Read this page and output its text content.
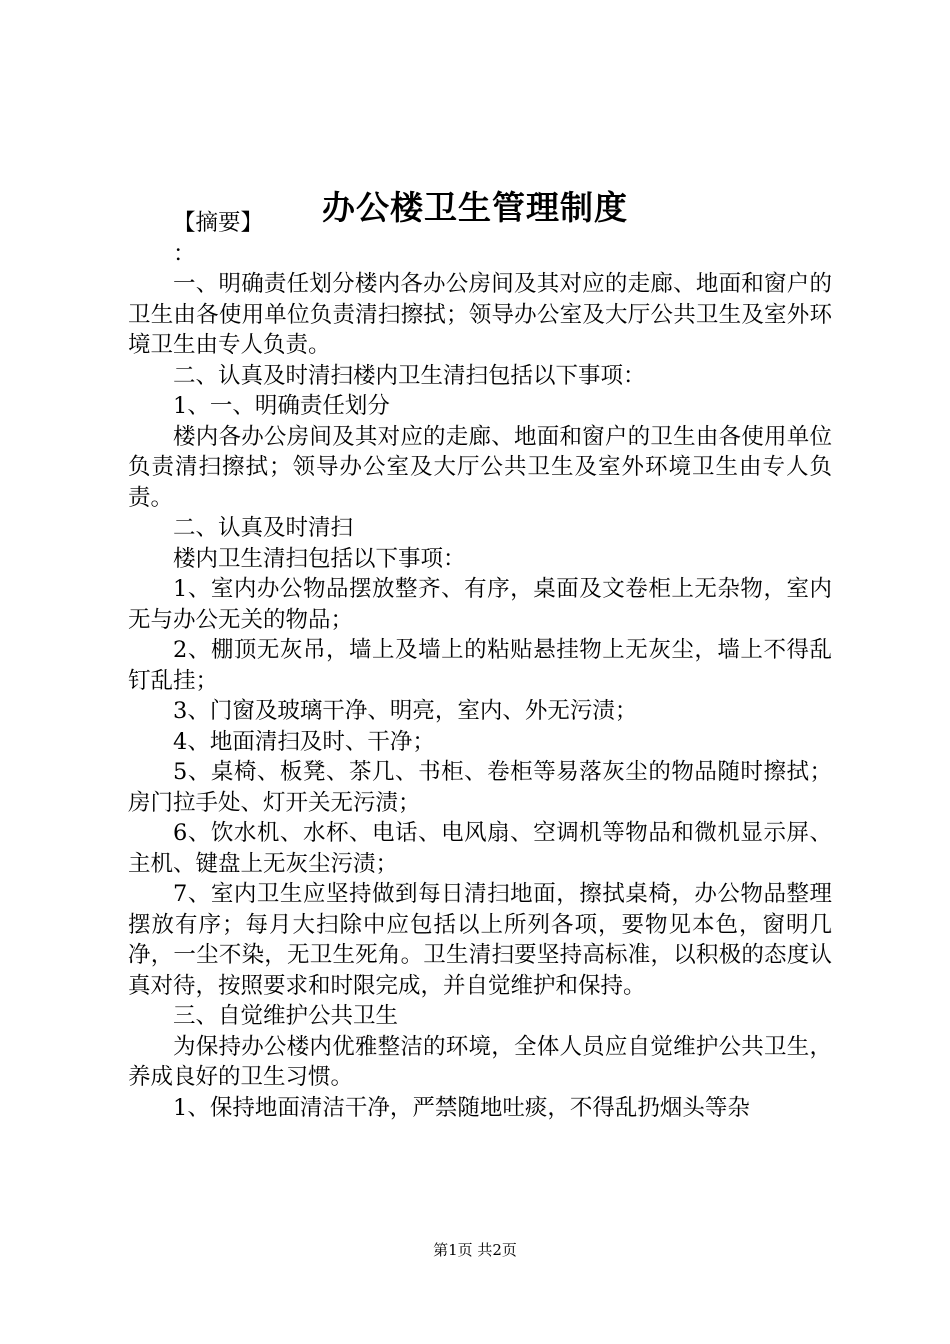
办公楼卫生管理制度

【摘要】

：

一、明确责任划分楼内各办公房间及其对应的走廊、地面和窗户的卫生由各使用单位负责清扫擦拭；领导办公室及大厅公共卫生及室外环境卫生由专人负责。

二、认真及时清扫楼内卫生清扫包括以下事项：

1、一、明确责任划分

楼内各办公房间及其对应的走廊、地面和窗户的卫生由各使用单位负责清扫擦拭；领导办公室及大厅公共卫生及室外环境卫生由专人负责。

二、认真及时清扫

楼内卫生清扫包括以下事项：

1、室内办公物品摆放整齐、有序，桌面及文卷柜上无杂物，室内无与办公无关的物品；

2、棚顶无灰吊，墙上及墙上的粘贴悬挂物上无灰尘，墙上不得乱钉乱挂；

3、门窗及玻璃干净、明亮，室内、外无污渍；

4、地面清扫及时、干净；

5、桌椅、板凳、茶几、书柜、卷柜等易落灰尘的物品随时擦拭；房门拉手处、灯开关无污渍；

6、饮水机、水杯、电话、电风扇、空调机等物品和微机显示屏、主机、键盘上无灰尘污渍；

7、室内卫生应坚持做到每日清扫地面，擦拭桌椅，办公物品整理摆放有序；每月大扫除中应包括以上所列各项，要物见本色，窗明几净，一尘不染，无卫生死角。卫生清扫要坚持高标准，以积极的态度认真对待，按照要求和时限完成，并自觉维护和保持。

三、自觉维护公共卫生

为保持办公楼内优雅整洁的环境，全体人员应自觉维护公共卫生，养成良好的卫生习惯。

1、保持地面清洁干净，严禁随地吐痰，不得乱扔烟头等杂

第1页 共2页
